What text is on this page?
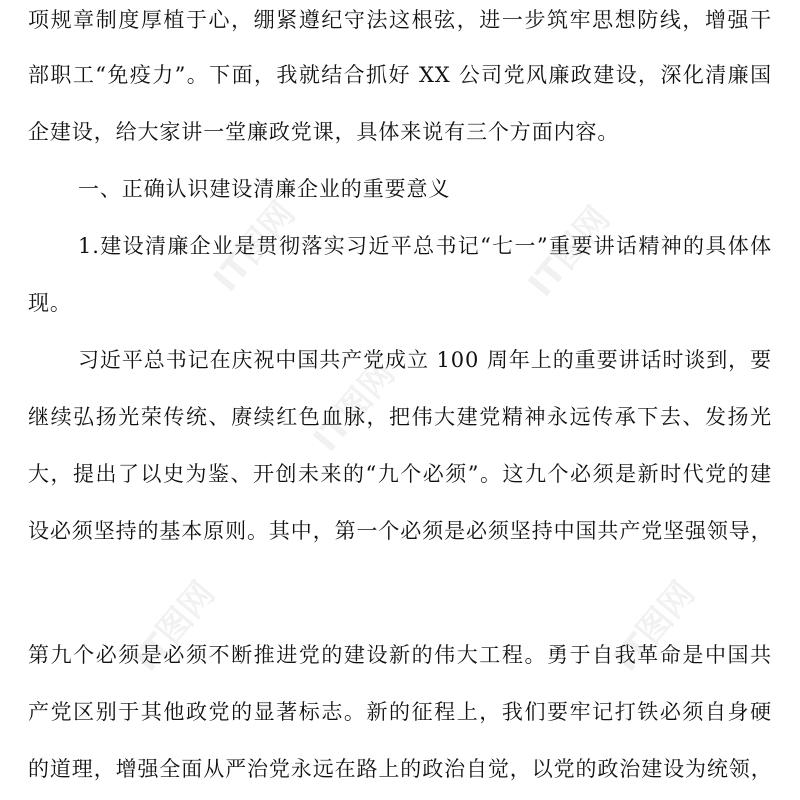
IT图网	IT图网
IT图网
IT图网	IT图网
项规章制度厚植于心，绷紧遵纪守法这根弦，进一步筑牢思想防线，增强干
部职工“免疫力”。下面，我就结合抓好 XX 公司党风廉政建设，深化清廉国
企建设，给大家讲一堂廉政党课，具体来说有三个方面内容。
一、正确认识建设清廉企业的重要意义
1.建设清廉企业是贯彻落实习近平总书记“七一”重要讲话精神的具体体
现。
习近平总书记在庆祝中国共产党成立 100 周年上的重要讲话时谈到，要
继续弘扬光荣传统、赓续红色血脉，把伟大建党精神永远传承下去、发扬光
大，提出了以史为鉴、开创未来的“九个必须”。这九个必须是新时代党的建
设必须坚持的基本原则。其中，第一个必须是必须坚持中国共产党坚强领导，
第九个必须是必须不断推进党的建设新的伟大工程。勇于自我革命是中国共
产党区别于其他政党的显著标志。新的征程上，我们要牢记打铁必须自身硬
的道理，增强全面从严治党永远在路上的政治自觉，以党的政治建设为统领，
